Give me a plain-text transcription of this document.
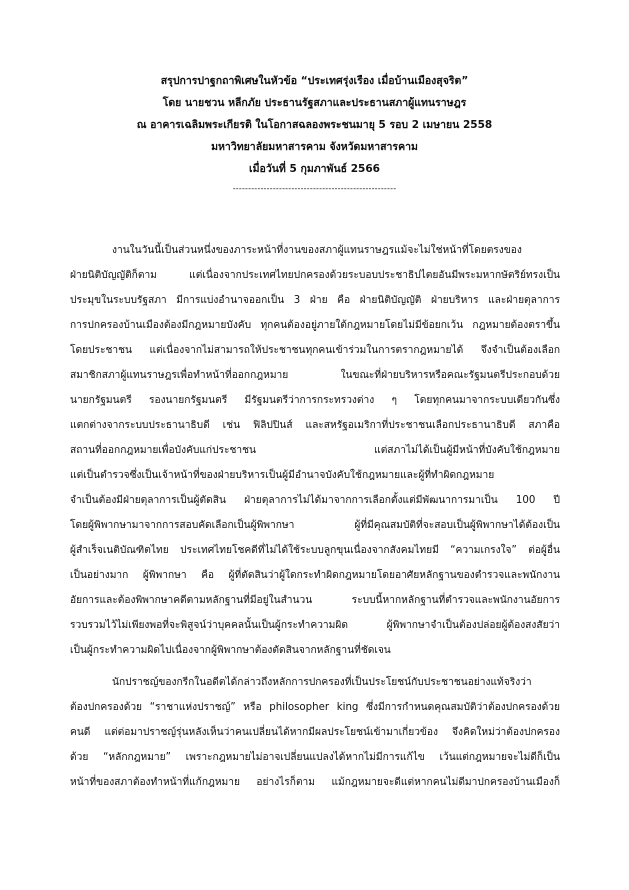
สรุปการปาฐกถาพิเศษในหัวข้อ “ประเทศรุ่งเรือง เมื่อบ้านเมืองสุจริต”
โดย นายชวน หลีกภัย ประธานรัฐสภาและประธานสภาผู้แทนราษฎร
ณ อาคารเฉลิมพระเกียรติ ในโอกาสฉลองพระชนมายุ 5 รอบ 2 เมษายน 2558
มหาวิทยาลัยมหาสารคาม จังหวัดมหาสารคาม
เมื่อวันที่ 5 กุมภาพันธ์ 2566
-----------------------------------------------------
งานในวันนี้เป็นส่วนหนึ่งของภาระหน้าที่งานของสภาผู้แทนราษฎรแม้จะไม่ใช่หน้าที่โดยตรงของ
ฝ่ายนิติบัญญัติก็ตาม แต่เนื่องจากประเทศไทยปกครองด้วยระบอบประชาธิปไตยอันมีพระมหากษัตริย์ทรงเป็น
ประมุขในระบบรัฐสภา มีการแบ่งอำนาจออกเป็น 3 ฝ่าย คือ ฝ่ายนิติบัญญัติ ฝ่ายบริหาร และฝ่ายตุลาการ
การปกครองบ้านเมืองต้องมีกฎหมายบังคับ ทุกคนต้องอยู่ภายใต้กฎหมายโดยไม่มีข้อยกเว้น กฎหมายต้องตราขึ้น
โดยประชาชน แต่เนื่องจากไม่สามารถให้ประชาชนทุกคนเข้าร่วมในการตรากฎหมายได้ จึงจำเป็นต้องเลือก
สมาชิกสภาผู้แทนราษฎรเพื่อทำหน้าที่ออกกฎหมาย ในขณะที่ฝ่ายบริหารหรือคณะรัฐมนตรีประกอบด้วย
นายกรัฐมนตรี รองนายกรัฐมนตรี มีรัฐมนตรีว่าการกระทรวงต่าง ๆ โดยทุกคนมาจากระบบเดียวกันซึ่ง
แตกต่างจากระบบประธานาธิบดี เช่น ฟิลิปปินส์ และสหรัฐอเมริกาที่ประชาชนเลือกประธานาธิบดี สภาคือ
สถานที่ออกกฎหมายเพื่อบังคับแก่ประชาชน แต่สภาไม่ได้เป็นผู้มีหน้าที่บังคับใช้กฎหมาย
แต่เป็นตำรวจซึ่งเป็นเจ้าหน้าที่ของฝ่ายบริหารเป็นผู้มีอำนาจบังคับใช้กฎหมายและผู้ที่ทำผิดกฎหมาย
จำเป็นต้องมีฝ่ายตุลาการเป็นผู้ตัดสิน ฝ่ายตุลาการไม่ได้มาจากการเลือกตั้งแต่มีพัฒนาการมาเป็น 100 ปี
โดยผู้พิพากษามาจากการสอบคัดเลือกเป็นผู้พิพากษา ผู้ที่มีคุณสมบัติที่จะสอบเป็นผู้พิพากษาได้ต้องเป็น
ผู้สำเร็จเนติบัณฑิตไทย ประเทศไทยโชคดีที่ไม่ได้ใช้ระบบลูกขุนเนื่องจากสังคมไทยมี “ความเกรงใจ” ต่อผู้อื่น
เป็นอย่างมาก ผู้พิพากษา คือ ผู้ที่ตัดสินว่าผู้ใดกระทำผิดกฎหมายโดยอาศัยหลักฐานของตำรวจและพนักงาน
อัยการและต้องพิพากษาคดีตามหลักฐานที่มีอยู่ในสำนวน ระบบนี้หากหลักฐานที่ตำรวจและพนักงานอัยการ
รวบรวมไว้ไม่เพียงพอที่จะพิสูจน์ว่าบุคคลนั้นเป็นผู้กระทำความผิด ผู้พิพากษาจำเป็นต้องปล่อยผู้ต้องสงสัยว่า
เป็นผู้กระทำความผิดไปเนื่องจากผู้พิพากษาต้องตัดสินจากหลักฐานที่ชัดเจน
นักปราชญ์ของกรีกในอดีตได้กล่าวถึงหลักการปกครองที่เป็นประโยชน์กับประชาชนอย่างแท้จริงว่า
ต้องปกครองด้วย “ราชาแห่งปราชญ์” หรือ philosopher king ซึ่งมีการกำหนดคุณสมบัติว่าต้องปกครองด้วย
คนดี แต่ต่อมาปราชญ์รุ่นหลังเห็นว่าคนเปลี่ยนได้หากมีผลประโยชน์เข้ามาเกี่ยวข้อง จึงคิดใหม่ว่าต้องปกครอง
ด้วย “หลักกฎหมาย” เพราะกฎหมายไม่อาจเปลี่ยนแปลงได้หากไม่มีการแก้ไข เว้นแต่กฎหมายจะไม่ดีก็เป็น
หน้าที่ของสภาต้องทำหน้าที่แก้กฎหมาย อย่างไรก็ตาม แม้กฎหมายจะดีแต่หากคนไม่ดีมาปกครองบ้านเมืองก็
